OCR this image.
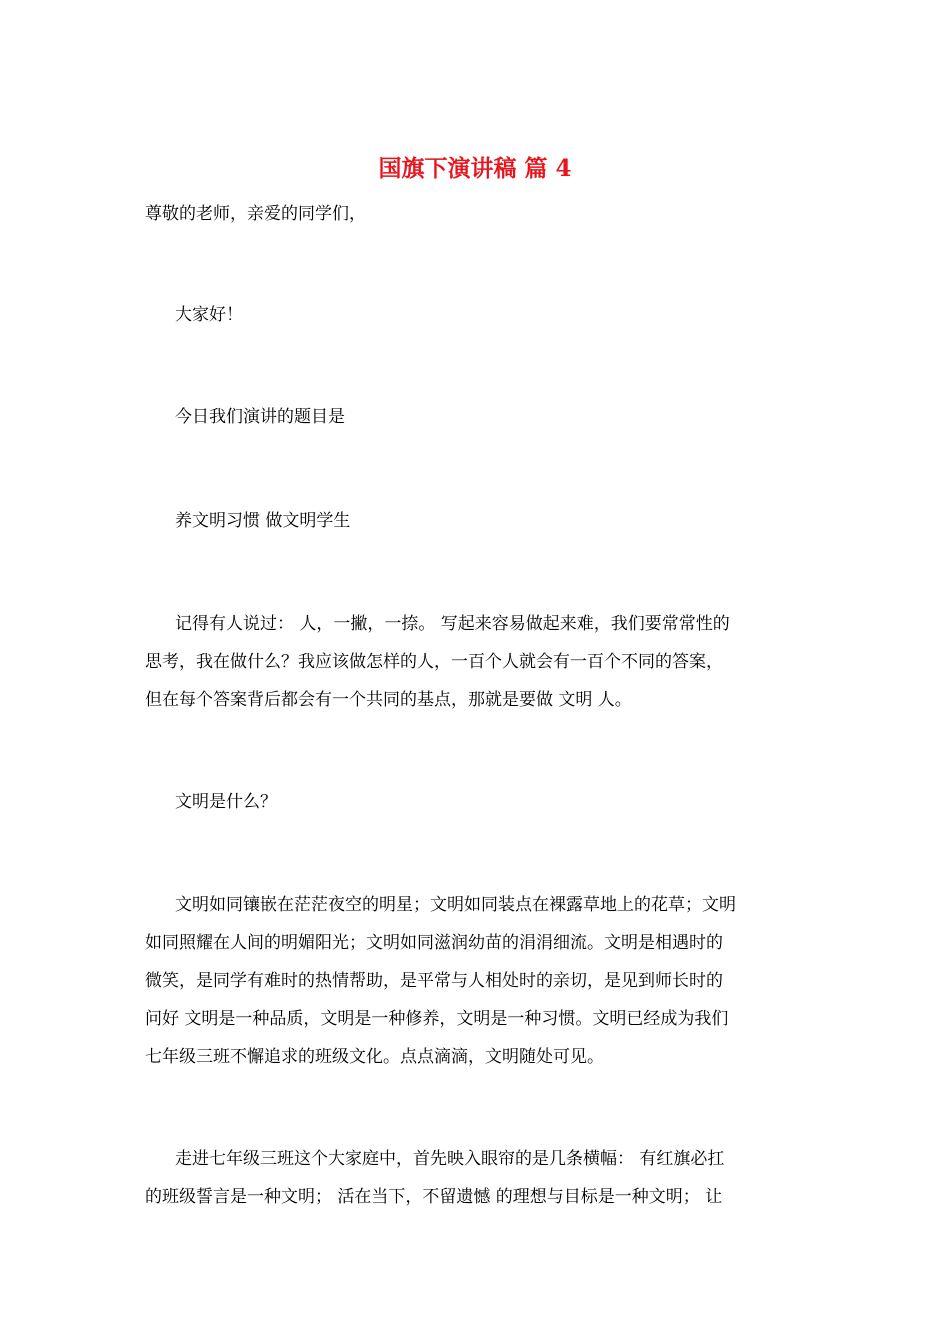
国旗下演讲稿 篇 4

尊敬的老师，亲爱的同学们，

大家好！

今日我们演讲的题目是

养文明习惯 做文明学生

记得有人说过： 人，一撇，一捺。 写起来容易做起来难，我们要常常性的
思考，我在做什么？我应该做怎样的人，一百个人就会有一百个不同的答案，
但在每个答案背后都会有一个共同的基点，那就是要做 文明 人。

文明是什么？

文明如同镶嵌在茫茫夜空的明星；文明如同装点在裸露草地上的花草；文明
如同照耀在人间的明媚阳光；文明如同滋润幼苗的涓涓细流。文明是相遇时的
微笑，是同学有难时的热情帮助，是平常与人相处时的亲切，是见到师长时的
问好 文明是一种品质，文明是一种修养，文明是一种习惯。文明已经成为我们
七年级三班不懈追求的班级文化。点点滴滴，文明随处可见。

走进七年级三班这个大家庭中，首先映入眼帘的是几条横幅： 有红旗必扛
的班级誓言是一种文明； 活在当下，不留遗憾 的理想与目标是一种文明； 让
